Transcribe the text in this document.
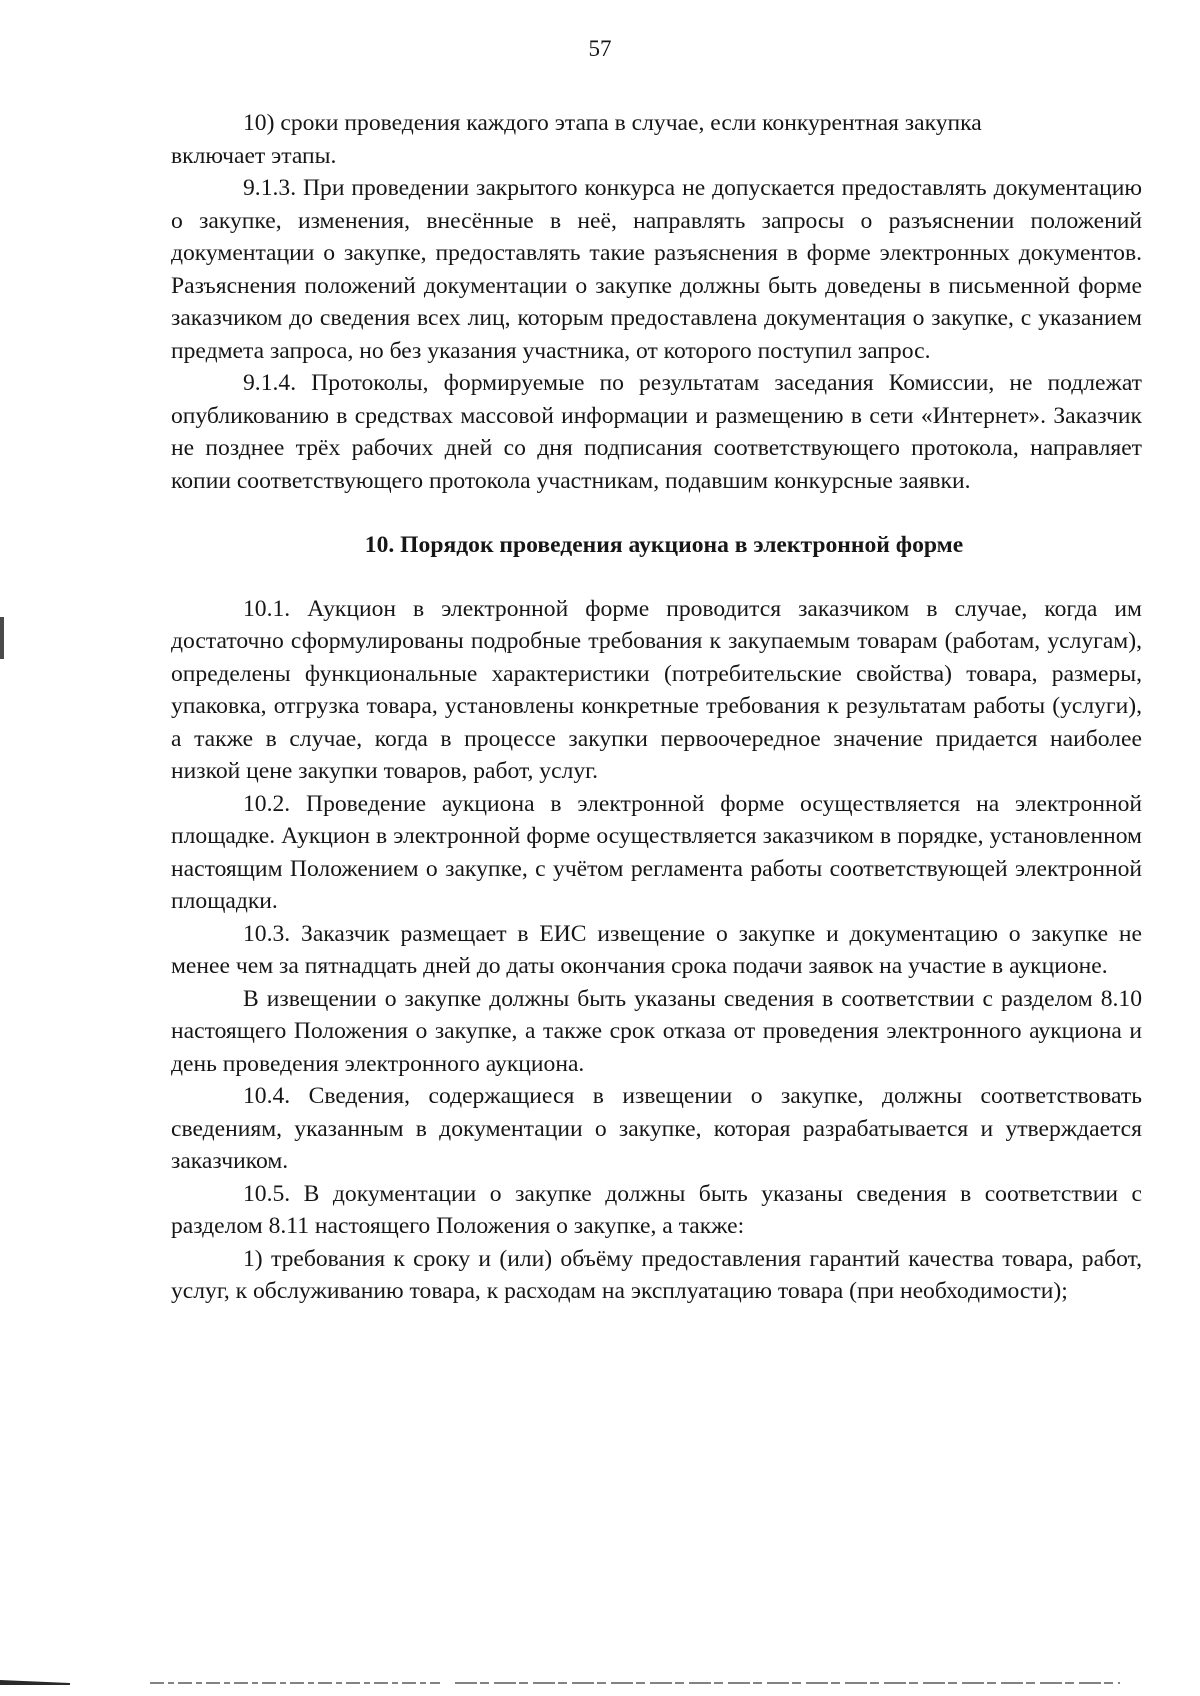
57

10) сроки проведения каждого этапа в случае, если конкурентная закупка

включает этапы.

9.1.3. При проведении закрытого конкурса не допускается предоставлять документацию о закупке, изменения, внесённые в неё, направлять запросы о разъяснении положений документации о закупке, предоставлять такие разъяснения в форме электронных документов. Разъяснения положений документации о закупке должны быть доведены в письменной форме заказчиком до сведения всех лиц, которым предоставлена документация о закупке, с указанием предмета запроса, но без указания участника, от которого поступил запрос.

9.1.4. Протоколы, формируемые по результатам заседания Комиссии, не подлежат опубликованию в средствах массовой информации и размещению в сети «Интернет». Заказчик не позднее трёх рабочих дней со дня подписания соответствующего протокола, направляет копии соответствующего протокола участникам, подавшим конкурсные заявки.

10. Порядок проведения аукциона в электронной форме

10.1. Аукцион в электронной форме проводится заказчиком в случае, когда им достаточно сформулированы подробные требования к закупаемым товарам (работам, услугам), определены функциональные характеристики (потребительские свойства) товара, размеры, упаковка, отгрузка товара, установлены конкретные требования к результатам работы (услуги), а также в случае, когда в процессе закупки первоочередное значение придается наиболее низкой цене закупки товаров, работ, услуг.

10.2. Проведение аукциона в электронной форме осуществляется на электронной площадке. Аукцион в электронной форме осуществляется заказчиком в порядке, установленном настоящим Положением о закупке, с учётом регламента работы соответствующей электронной площадки.

10.3. Заказчик размещает в ЕИС извещение о закупке и документацию о закупке не менее чем за пятнадцать дней до даты окончания срока подачи заявок на участие в аукционе.

В извещении о закупке должны быть указаны сведения в соответствии с разделом 8.10 настоящего Положения о закупке, а также срок отказа от проведения электронного аукциона и день проведения электронного аукциона.

10.4. Сведения, содержащиеся в извещении о закупке, должны соответствовать сведениям, указанным в документации о закупке, которая разрабатывается и утверждается заказчиком.

10.5. В документации о закупке должны быть указаны сведения в соответствии с разделом 8.11 настоящего Положения о закупке, а также:

1) требования к сроку и (или) объёму предоставления гарантий качества товара, работ, услуг, к обслуживанию товара, к расходам на эксплуатацию товара (при необходимости);
